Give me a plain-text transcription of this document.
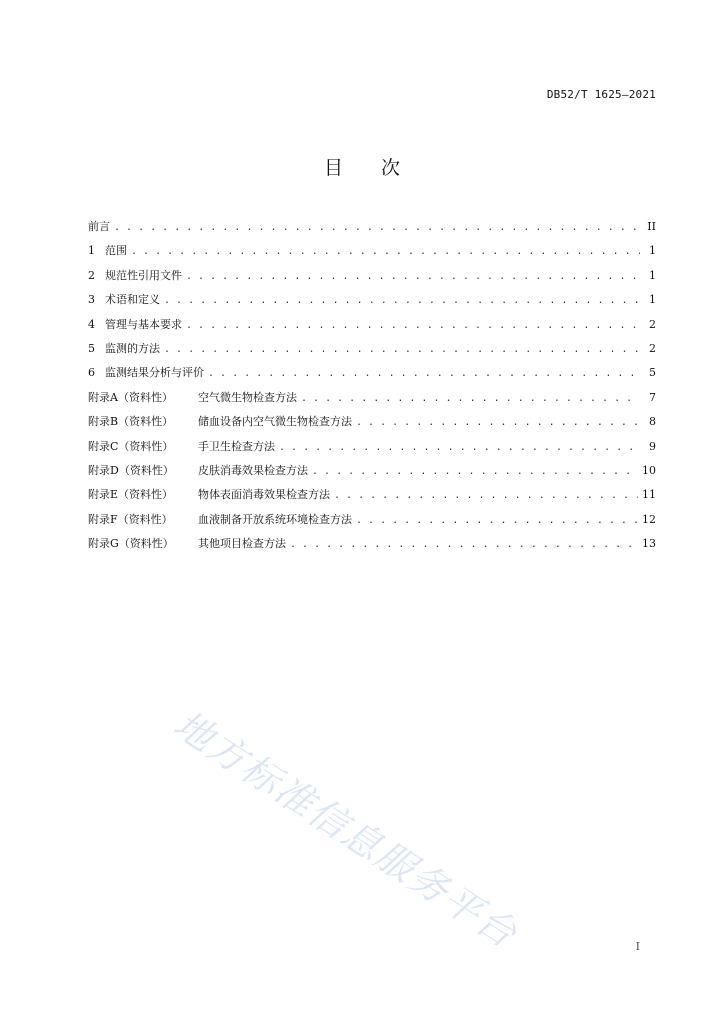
DB52/T 1625—2021
目 次
前言 . . .	II
1 范围 . . .	1
2 规范性引用文件 . . .	1
3 术语和定义 . . .	1
4 管理与基本要求 . . .	2
5 监测的方法 . . .	2
6 监测结果分析与评价 . . .	5
附录A（资料性）	空气微生物检查方法 . . .	7
附录B（资料性）	储血设备内空气微生物检查方法 . . .	8
附录C（资料性）	手卫生检查方法 . . .	9
附录D（资料性）	皮肤消毒效果检查方法 . . .	10
附录E（资料性）	物体表面消毒效果检查方法 . . .	11
附录F（资料性）	血液制备开放系统环境检查方法 . . .	12
附录G（资料性）	其他项目检查方法 . . .	13
地方标准信息服务平台	I
